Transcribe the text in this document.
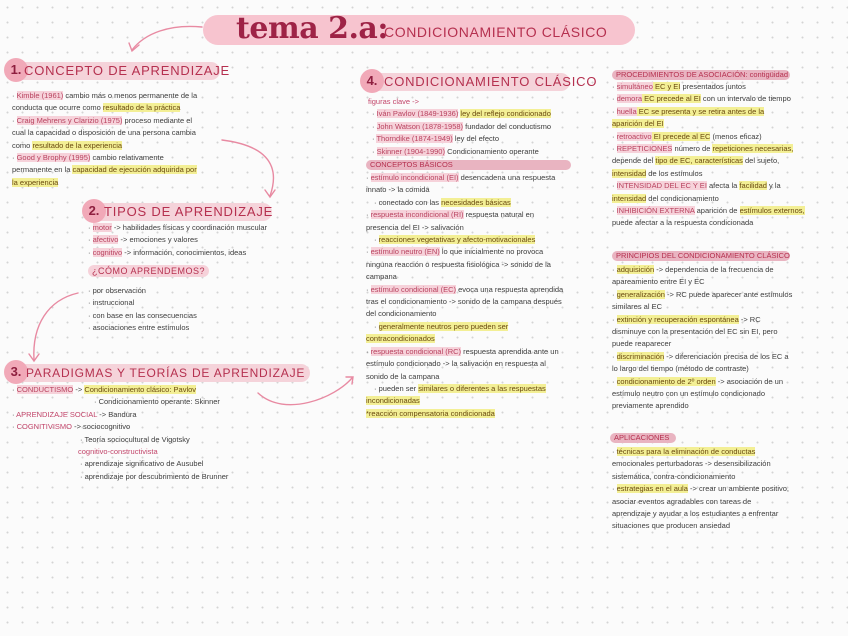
tema 2.a:
CONDICIONAMIENTO CLÁSICO
1. CONCEPTO DE APRENDIZAJE

· Kimble (1961) cambio más o menos permanente de la

conducta que ocurre como resultado de la práctica

· Craig Mehrens y Clarizio (1975) proceso mediante el

cual la capacidad o disposición de una persona cambia

como resultado de la experiencia

· Good y Brophy (1995) cambio relativamente

permanente en la capacidad de ejecución adquirida por

la experiencia

2. TIPOS DE APRENDIZAJE

· motor -> habilidades físicas y coordinación muscular

· afectivo -> emociones y valores

· cognitivo -> información, conocimientos, ideas

¿CÓMO APRENDEMOS?

· por observación

· instruccional

· con base en las consecuencias

· asociaciones entre estímulos

3. PARADIGMAS Y TEORÍAS DE APRENDIZAJE

· CONDUCTISMO -> Condicionamiento clásico: Pavlov

· Condicionamiento operante: Skinner

· APRENDIZAJE SOCIAL -> Bandura

· COGNITIVISMO -> sociocognitivo

· Teoría sociocultural de Vigotsky

cognitivo-constructivista

· aprendizaje significativo de Ausubel

· aprendizaje por descubrimiento de Brunner

4. CONDICIONAMIENTO CLÁSICO

figuras clave ->

· Iván Pavlov (1849-1936) ley del reflejo condicionado

· John Watson (1878-1958) fundador del conductismo

· Thorndike (1874-1949) ley del efecto

· Skinner (1904-1990) Condicionamiento operante

CONCEPTOS BÁSICOS

· estímulo incondicional (EI) desencadena una respuesta

innato -> la comida

· conectado con las necesidades básicas

· respuesta incondicional (RI) respuesta natural en

presencia del EI -> salivación

· reacciones vegetativas y afecto-motivacionales

· estímulo neutro (EN) lo que inicialmente no provoca

ninguna reacción o respuesta fisiológica -> sonido de la

campana

· estímulo condicional (EC) evoca una respuesta aprendida

tras el condicionamiento -> sonido de la campana después

del condicionamiento

· generalmente neutros pero pueden ser

contracondicionados

· respuesta condicional (RC) respuesta aprendida ante un

estímulo condicionado -> la salivación en respuesta al

sonido de la campana

· pueden ser similares o diferentes a las respuestas

incondicionadas

*reacción compensatoria condicionada

PROCEDIMIENTOS DE ASOCIACIÓN: contigüidad

· simultáneo EC y EI presentados juntos

· demora EC precede al EI con un intervalo de tiempo

· huella EC se presenta y se retira antes de la

aparición del EI

· retroactivo EI precede al EC (menos eficaz)

· REPETICIONES número de repeticiones necesarias,

depende del tipo de EC, características del sujeto,

intensidad de los estímulos

· INTENSIDAD DEL EC Y EI afecta la facilidad y la

intensidad del condicionamiento

· INHIBICIÓN EXTERNA aparición de estímulos externos,

puede afectar a la respuesta condicionada

PRINCIPIOS DEL CONDICIONAMIENTO CLÁSICO

· adquisición -> dependencia de la frecuencia de

apareamiento entre EI y EC

· generalización -> RC puede aparecer ante estímulos

similares al EC

· extinción y recuperación espontánea -> RC

disminuye con la presentación del EC sin EI, pero

puede reaparecer

· discriminación -> diferenciación precisa de los EC a

lo largo del tiempo (método de contraste)

· condicionamiento de 2º orden -> asociación de un

estímulo neutro con un estímulo condicionado

previamente aprendido

APLICACIONES

· técnicas para la eliminación de conductas

emocionales perturbadoras -> desensibilización

sistemática, contra-condicionamiento

· estrategias en el aula -> crear un ambiente positivo,

asociar eventos agradables con tareas de

aprendizaje y ayudar a los estudiantes a enfrentar

situaciones que producen ansiedad
